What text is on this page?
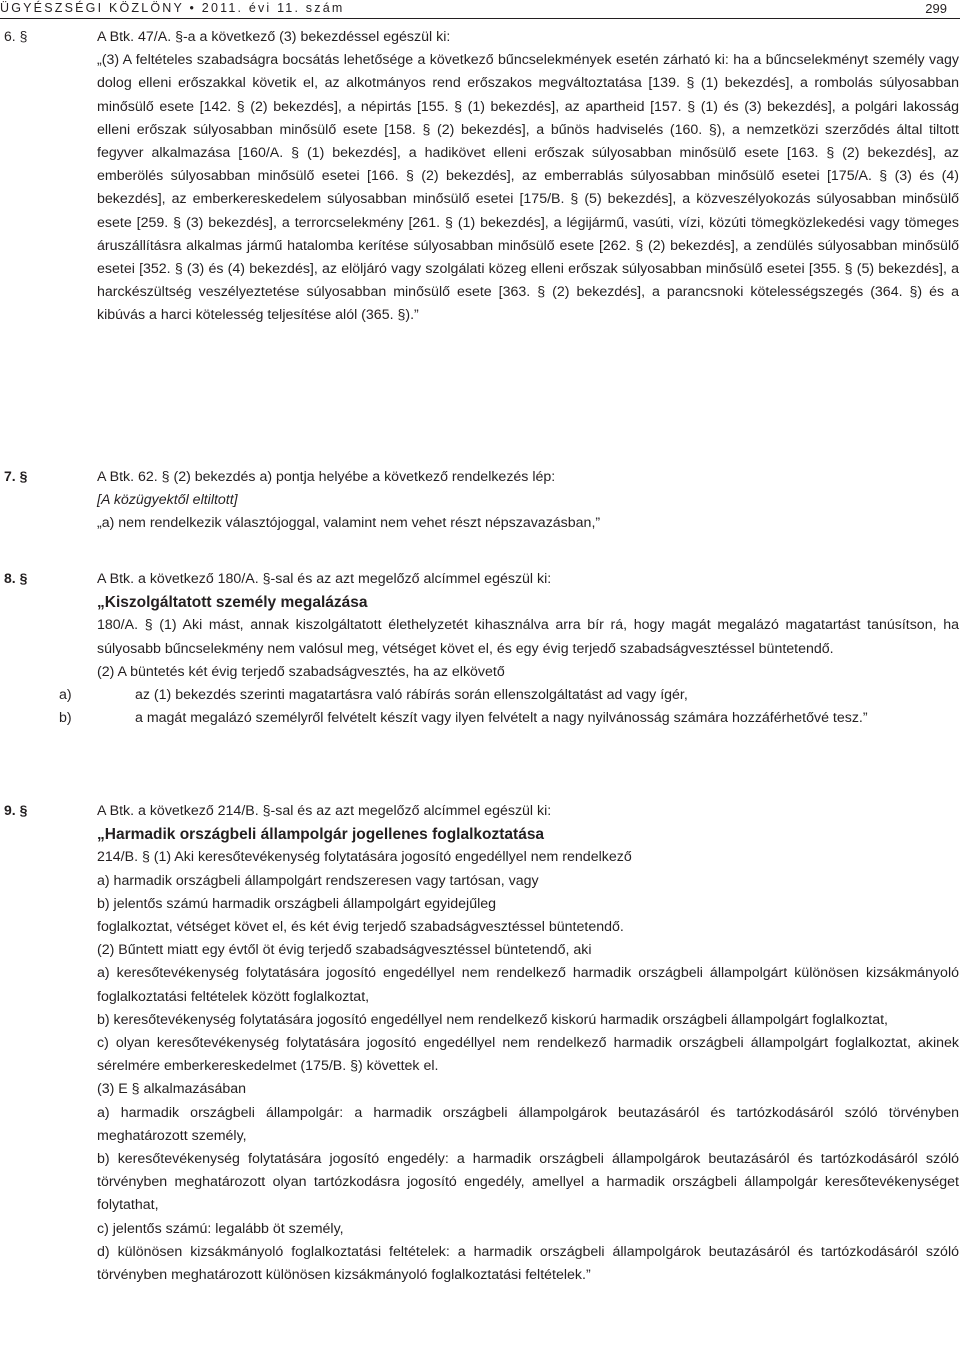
ÜGYÉSZSÉGI KÖZLÖNY • 2011. évi 11. szám	299
6. §	A Btk. 47/A. §-a a következő (3) bekezdéssel egészül ki:

„(3) A feltételes szabadságra bocsátás lehetősége a következő bűncselekmények esetén zárható ki: ha a bűncselekményt személy vagy dolog elleni erőszakkal követik el, az alkotmányos rend erőszakos megváltoztatása [139. § (1) bekezdés], a rombolás súlyosabban minősülő esete [142. § (2) bekezdés], a népirtás [155. § (1) bekezdés], az apartheid [157. § (1) és (3) bekezdés], a polgári lakosság elleni erőszak súlyosabban minősülő esete [158. § (2) bekezdés], a bűnös hadviselés (160. §), a nemzetközi szerződés által tiltott fegyver alkalmazása [160/A. § (1) bekezdés], a hadikövet elleni erőszak súlyosabban minősülő esete [163. § (2) bekezdés], az emberölés súlyosabban minősülő esetei [166. § (2) bekezdés], az emberrablás súlyosabban minősülő esetei [175/A. § (3) és (4) bekezdés], az emberkereskedelem súlyosabban minősülő esetei [175/B. § (5) bekezdés], a közveszélyokozás súlyosabban minősülő esete [259. § (3) bekezdés], a terrorcselekmény [261. § (1) bekezdés], a légijármű, vasúti, vízi, közúti tömegközlekedési vagy tömeges áruszállításra alkalmas jármű hatalomba kerítése súlyosabban minősülő esete [262. § (2) bekezdés], a zendülés súlyosabban minősülő esetei [352. § (3) és (4) bekezdés], az elöljáró vagy szolgálati közeg elleni erőszak súlyosabban minősülő esetei [355. § (5) bekezdés], a harckészültség veszélyeztetése súlyosabban minősülő esete [363. § (2) bekezdés], a parancsnoki kötelességszegés (364. §) és a kibúvás a harci kötelesség teljesítése alól (365. §).”

7. §	A Btk. 62. § (2) bekezdés a) pontja helyébe a következő rendelkezés lép:

[A közügyektől eltiltott]

„a) nem rendelkezik választójoggal, valamint nem vehet részt népszavazásban,”

8. §	A Btk. a következő 180/A. §-sal és az azt megelőző alcímmel egészül ki:

„Kiszolgáltatott személy megalázása

180/A. § (1) Aki mást, annak kiszolgáltatott élethelyzetét kihasználva arra bír rá, hogy magát megalázó magatartást tanúsítson, ha súlyosabb bűncselekmény nem valósul meg, vétséget követ el, és egy évig terjedő szabadságvesztéssel büntetendő.

(2) A büntetés két évig terjedő szabadságvesztés, ha az elkövető

a)	az (1) bekezdés szerinti magatartásra való rábírás során ellenszolgáltatást ad vagy ígér,

b)	a magát megalázó személyről felvételt készít vagy ilyen felvételt a nagy nyilvánosság számára hozzáférhetővé tesz.”

9. §	A Btk. a következő 214/B. §-sal és az azt megelőző alcímmel egészül ki:

„Harmadik országbeli állampolgár jogellenes foglalkoztatása

214/B. § (1) Aki keresőtevékenység folytatására jogosító engedéllyel nem rendelkező

a) harmadik országbeli állampolgárt rendszeresen vagy tartósan, vagy

b) jelentős számú harmadik országbeli állampolgárt egyidejűleg

foglalkoztat, vétséget követ el, és két évig terjedő szabadságvesztéssel büntetendő.

(2) Bűntett miatt egy évtől öt évig terjedő szabadságvesztéssel büntetendő, aki

a) keresőtevékenység folytatására jogosító engedéllyel nem rendelkező harmadik országbeli állampolgárt különösen kizsákmányoló foglalkoztatási feltételek között foglalkoztat,

b) keresőtevékenység folytatására jogosító engedéllyel nem rendelkező kiskorú harmadik országbeli állampolgárt foglalkoztat,

c) olyan keresőtevékenység folytatására jogosító engedéllyel nem rendelkező harmadik országbeli állampolgárt foglalkoztat, akinek sérelmére emberkereskedelmet (175/B. §) követtek el.

(3) E § alkalmazásában

a) harmadik országbeli állampolgár: a harmadik országbeli állampolgárok beutazásáról és tartózkodásáról szóló törvényben meghatározott személy,

b) keresőtevékenység folytatására jogosító engedély: a harmadik országbeli állampolgárok beutazásáról és tartózkodásáról szóló törvényben meghatározott olyan tartózkodásra jogosító engedély, amellyel a harmadik országbeli állampolgár keresőtevékenységet folytathat,

c) jelentős számú: legalább öt személy,

d) különösen kizsákmányoló foglalkoztatási feltételek: a harmadik országbeli állampolgárok beutazásáról és tartózkodásáról szóló törvényben meghatározott különösen kizsákmányoló foglalkoztatási feltételek.”
